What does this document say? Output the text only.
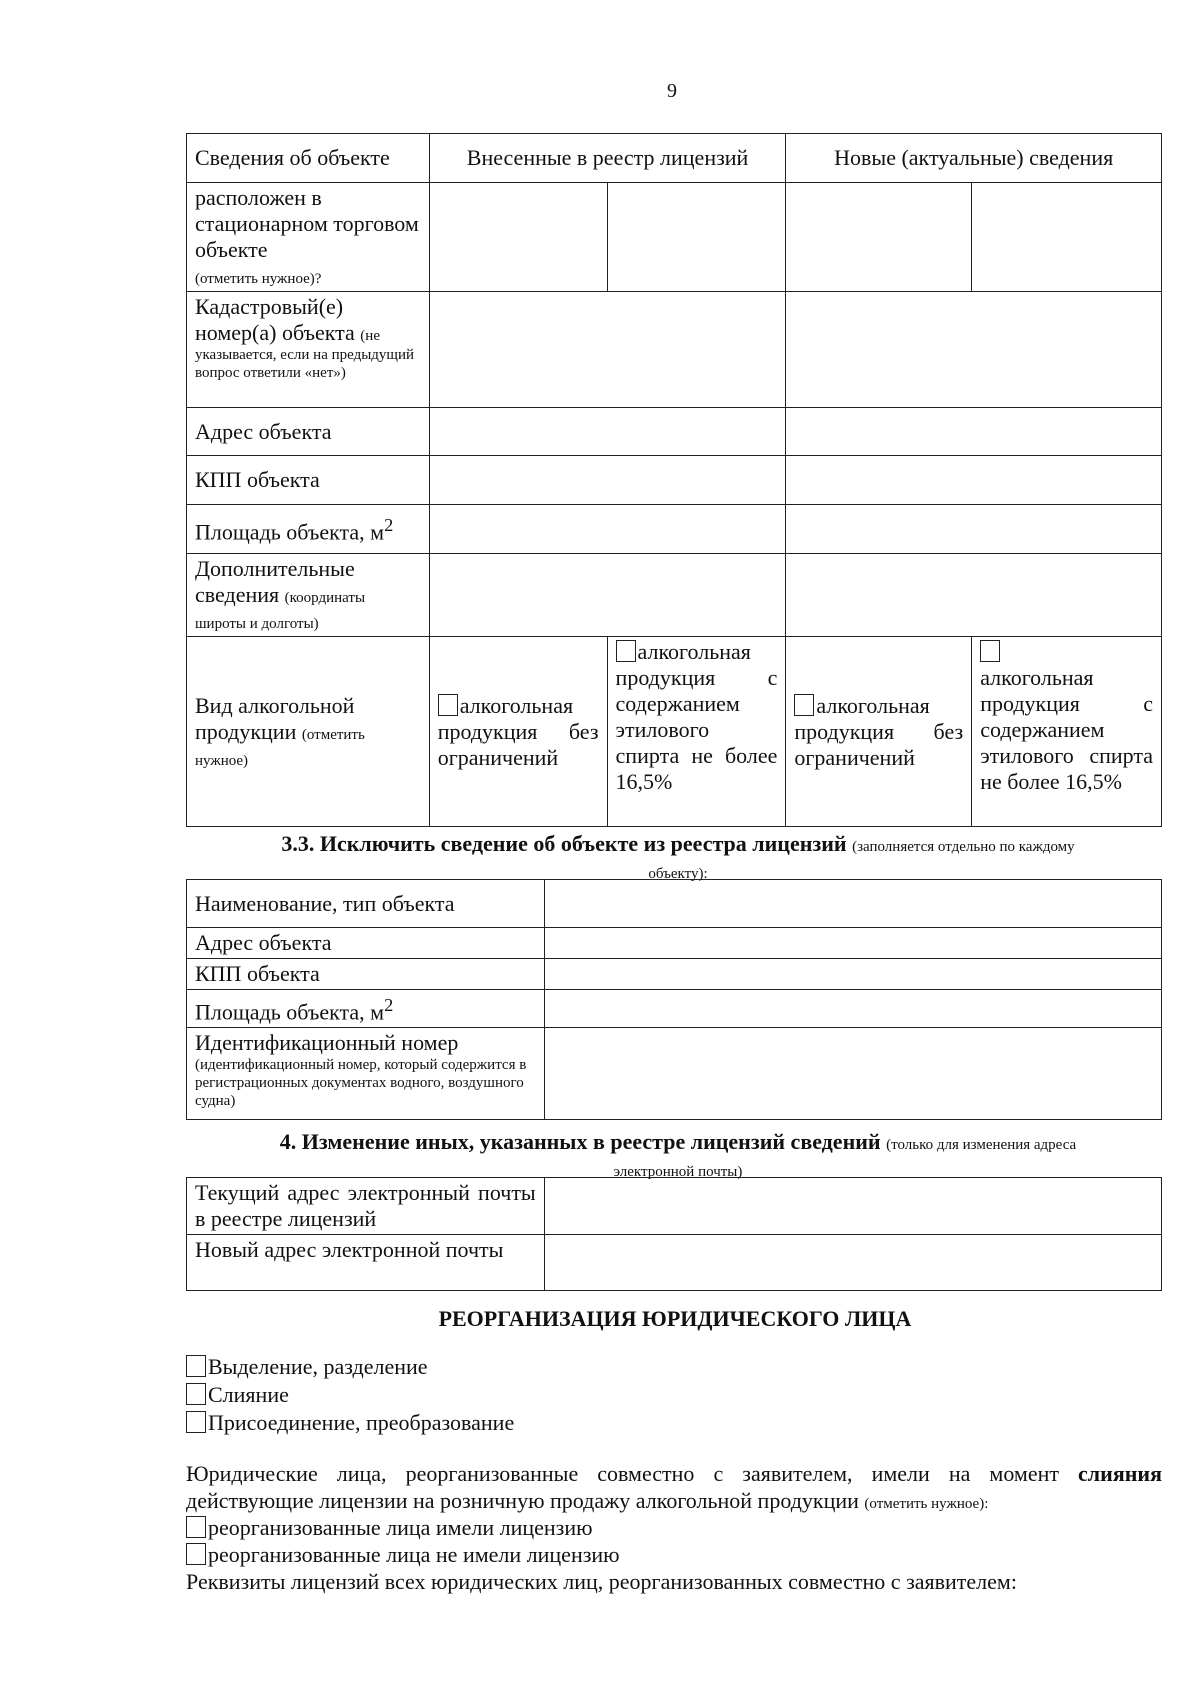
9
Сведения об объекте	Внесенные в реестр лицензий		Новые (актуальные) сведения	
расположен в стационарном торговом объекте
(отметить нужное)?				
Кадастровый(е) номер(а) объекта (не

указывается, если на предыдущий вопрос ответили «нет»)				

Адрес объекта				
КПП объекта				
Площадь объекта, $м^2$		
Дополнительные сведения (координаты
широты и долготы)				
Вид алкогольной продукции (отметить
нужное)	алкогольная продукция без ограничений	алкогольная продукция с содержанием этилового спирта не более 16,5%	алкогольная продукция без ограничений	алкогольная продукция с содержанием этилового спирта не более 16,5%
3.3. Исключить сведение об объекте из реестра лицензий (заполняется отдельно по каждому
объекту):
Наименование, тип объекта	
Адрес объекта	
КПП объекта	
Площадь объекта, $м^2$	
Идентификационный номер

(идентификационный номер, который содержится в регистрационных документах водного, воздушного судна)	

4. Изменение иных, указанных в реестре лицензий сведений (только для изменения адреса
электронной почты)
Текущий адрес электронный почты в реестре лицензий	
Новый адрес электронной почты	
РЕОРГАНИЗАЦИЯ ЮРИДИЧЕСКОГО ЛИЦА
Выделение, разделение
Слияние
Присоединение, преобразование
Юридические лица, реорганизованные совместно с заявителем, имели на момент слияния действующие лицензии на розничную продажу алкогольной продукции (отметить нужное):
реорганизованные лица имели лицензию
реорганизованные лица не имели лицензию
Реквизиты лицензий всех юридических лиц, реорганизованных совместно с заявителем:
